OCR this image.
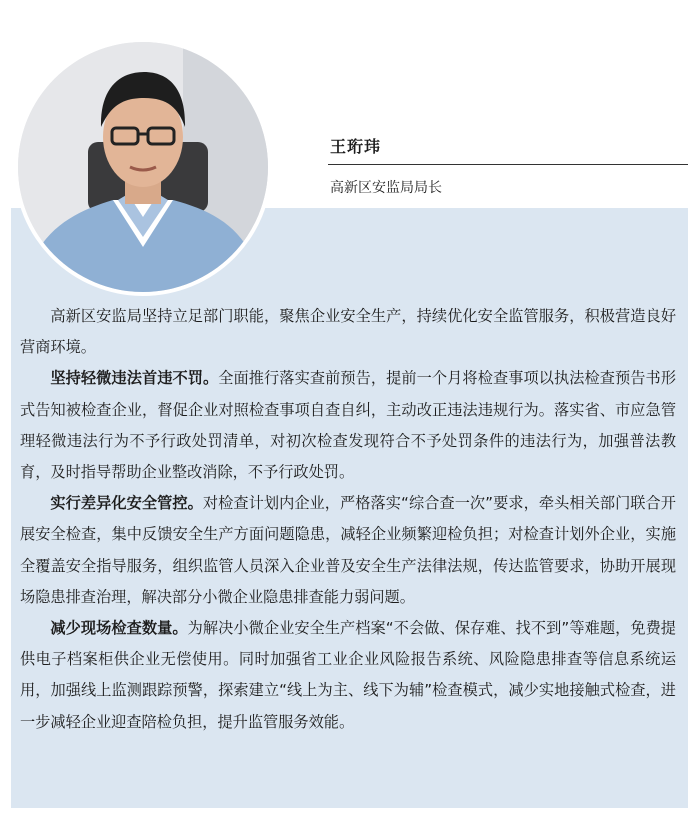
王珩玮
高新区安监局局长

高新区安监局坚持立足部门职能，聚焦企业安全生产，持续优化安全监管服务，积极营造良好营商环境。

坚持轻微违法首违不罚。全面推行落实查前预告，提前一个月将检查事项以执法检查预告书形式告知被检查企业，督促企业对照检查事项自查自纠，主动改正违法违规行为。落实省、市应急管理轻微违法行为不予行政处罚清单，对初次检查发现符合不予处罚条件的违法行为，加强普法教育，及时指导帮助企业整改消除，不予行政处罚。

实行差异化安全管控。对检查计划内企业，严格落实“综合查一次”要求，牵头相关部门联合开展安全检查，集中反馈安全生产方面问题隐患，减轻企业频繁迎检负担；对检查计划外企业，实施全覆盖安全指导服务，组织监管人员深入企业普及安全生产法律法规，传达监管要求，协助开展现场隐患排查治理，解决部分小微企业隐患排查能力弱问题。

减少现场检查数量。为解决小微企业安全生产档案“不会做、保存难、找不到”等难题，免费提供电子档案柜供企业无偿使用。同时加强省工业企业风险报告系统、风险隐患排查等信息系统运用，加强线上监测跟踪预警，探索建立“线上为主、线下为辅”检查模式，减少实地接触式检查，进一步减轻企业迎查陪检负担，提升监管服务效能。
